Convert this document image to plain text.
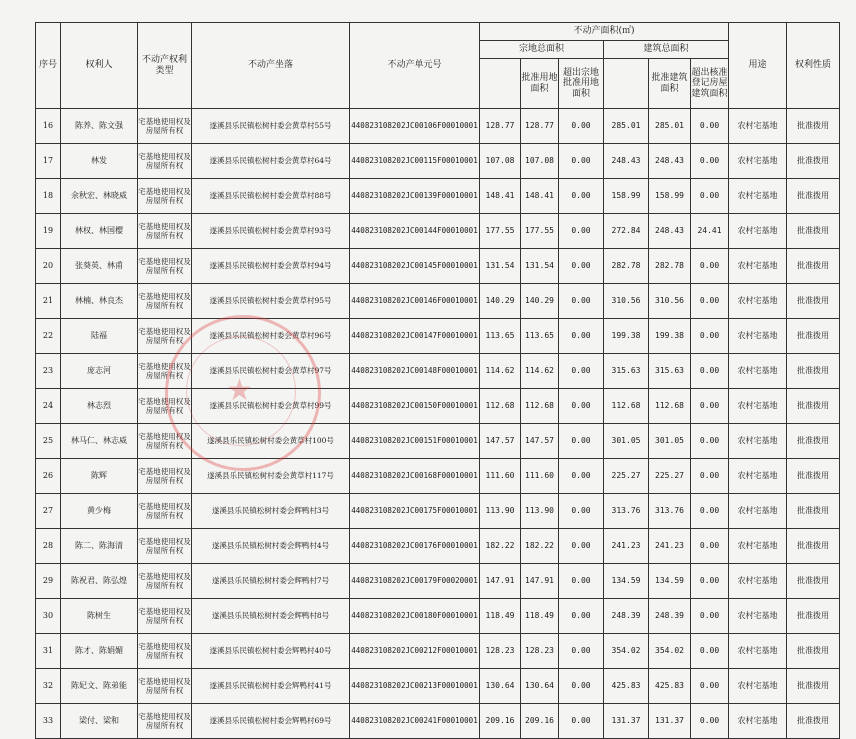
序号	权利人	不动产权利类型	不动产坐落	不动产单元号	不动产面积(㎡)						用途	权利性质
					宗地总面积			建筑总面积				
						批准用地面积	超出宗地批准用地面积		批准建筑面积	超出核准登记房屋建筑面积		
16	陈养、陈文强	宅基地使用权及房屋所有权	遂溪县乐民镇松树村委会黄草村55号	440823108202JC00106F00010001	128.77	128.77	0.00	285.01	285.01	0.00	农村宅基地	批准拨用
17	林发	宅基地使用权及房屋所有权	遂溪县乐民镇松树村委会黄草村64号	440823108202JC00115F00010001	107.08	107.08	0.00	248.43	248.43	0.00	农村宅基地	批准拨用
18	余秋宏、林晓威	宅基地使用权及房屋所有权	遂溪县乐民镇松树村委会黄草村88号	440823108202JC00139F00010001	148.41	148.41	0.00	158.99	158.99	0.00	农村宅基地	批准拨用
19	林权、林国樱	宅基地使用权及房屋所有权	遂溪县乐民镇松树村委会黄草村93号	440823108202JC00144F00010001	177.55	177.55	0.00	272.84	248.43	24.41	农村宅基地	批准拨用
20	张葵英、林甫	宅基地使用权及房屋所有权	遂溪县乐民镇松树村委会黄草村94号	440823108202JC00145F00010001	131.54	131.54	0.00	282.78	282.78	0.00	农村宅基地	批准拨用
21	林楠、林良杰	宅基地使用权及房屋所有权	遂溪县乐民镇松树村委会黄草村95号	440823108202JC00146F00010001	140.29	140.29	0.00	310.56	310.56	0.00	农村宅基地	批准拨用
22	陆福	宅基地使用权及房屋所有权	遂溪县乐民镇松树村委会黄草村96号	440823108202JC00147F00010001	113.65	113.65	0.00	199.38	199.38	0.00	农村宅基地	批准拨用
23	庞志河	宅基地使用权及房屋所有权	遂溪县乐民镇松树村委会黄草村97号	440823108202JC00148F00010001	114.62	114.62	0.00	315.63	315.63	0.00	农村宅基地	批准拨用
24	林志烈	宅基地使用权及房屋所有权	遂溪县乐民镇松树村委会黄草村99号	440823108202JC00150F00010001	112.68	112.68	0.00	112.68	112.68	0.00	农村宅基地	批准拨用
25	林马仁、林志威	宅基地使用权及房屋所有权	遂溪县乐民镇松树村委会黄草村100号	440823108202JC00151F00010001	147.57	147.57	0.00	301.05	301.05	0.00	农村宅基地	批准拨用
26	陈辉	宅基地使用权及房屋所有权	遂溪县乐民镇松树村委会黄草村117号	440823108202JC00168F00010001	111.60	111.60	0.00	225.27	225.27	0.00	农村宅基地	批准拨用
27	黄少梅	宅基地使用权及房屋所有权	遂溪县乐民镇松树村委会辉鸭村3号	440823108202JC00175F00010001	113.90	113.90	0.00	313.76	313.76	0.00	农村宅基地	批准拨用
28	陈二、陈海清	宅基地使用权及房屋所有权	遂溪县乐民镇松树村委会辉鸭村4号	440823108202JC00176F00010001	182.22	182.22	0.00	241.23	241.23	0.00	农村宅基地	批准拨用
29	陈祝君、陈弘煌	宅基地使用权及房屋所有权	遂溪县乐民镇松树村委会辉鸭村7号	440823108202JC00179F00020001	147.91	147.91	0.00	134.59	134.59	0.00	农村宅基地	批准拨用
30	陈树生	宅基地使用权及房屋所有权	遂溪县乐民镇松树村委会辉鸭村8号	440823108202JC00180F00010001	118.49	118.49	0.00	248.39	248.39	0.00	农村宅基地	批准拨用
31	陈才、陈娟媚	宅基地使用权及房屋所有权	遂溪县乐民镇松树村委会辉鸭村40号	440823108202JC00212F00010001	128.23	128.23	0.00	354.02	354.02	0.00	农村宅基地	批准拨用
32	陈妃文、陈弟能	宅基地使用权及房屋所有权	遂溪县乐民镇松树村委会辉鸭村41号	440823108202JC00213F00010001	130.64	130.64	0.00	425.83	425.83	0.00	农村宅基地	批准拨用
33	梁付、梁和	宅基地使用权及房屋所有权	遂溪县乐民镇松树村委会辉鸭村69号	440823108202JC00241F00010001	209.16	209.16	0.00	131.37	131.37	0.00	农村宅基地	批准拨用
★
